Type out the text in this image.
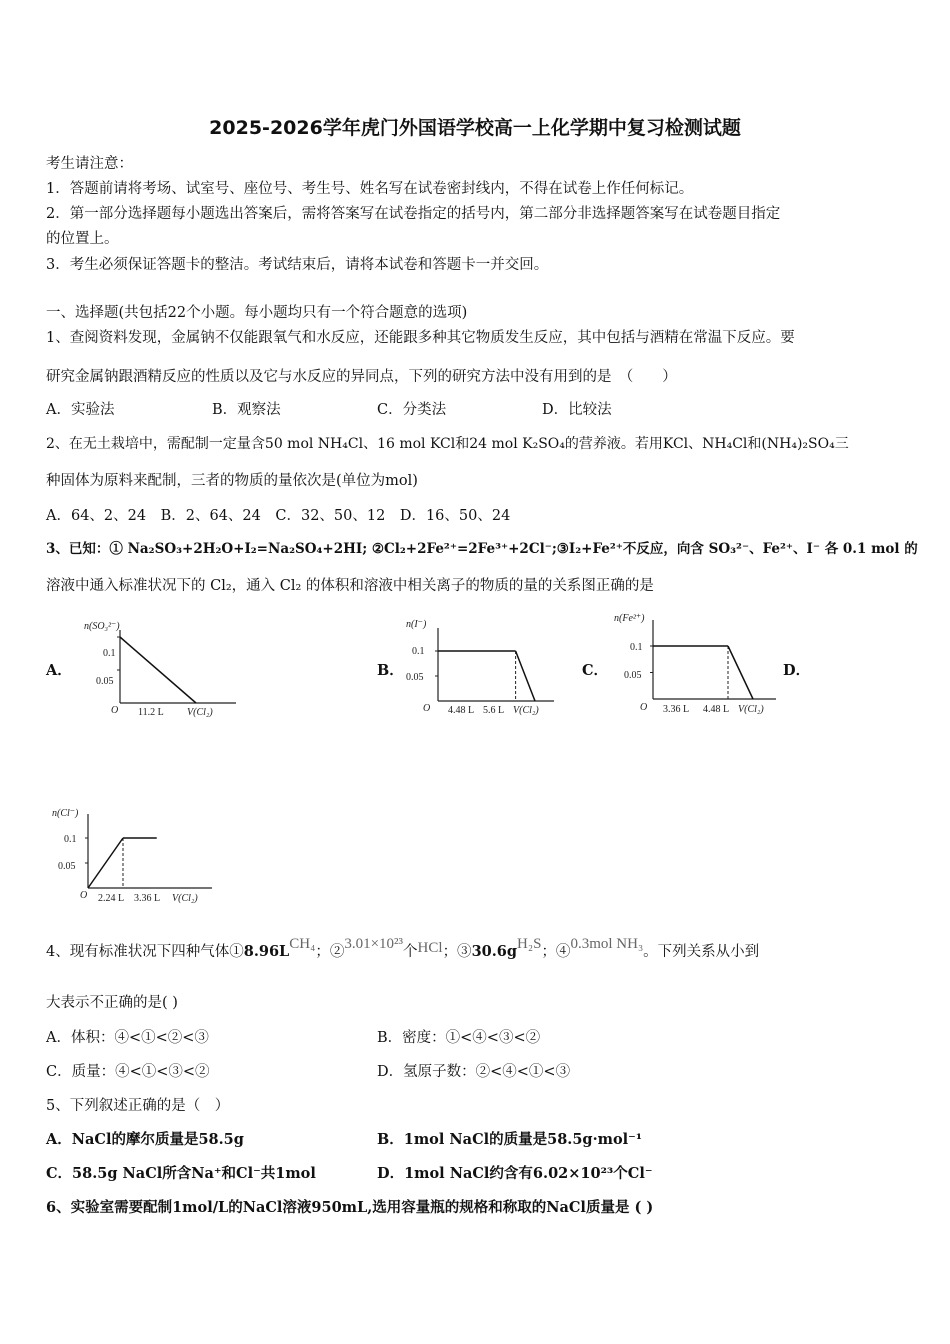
2025-2026学年虎门外国语学校高一上化学期中复习检测试题
考生请注意：
1．答题前请将考场、试室号、座位号、考生号、姓名写在试卷密封线内，不得在试卷上作任何标记。
2．第一部分选择题每小题选出答案后，需将答案写在试卷指定的括号内，第二部分非选择题答案写在试卷题目指定
的位置上。
3．考生必须保证答题卡的整洁。考试结束后，请将本试卷和答题卡一并交回。
一、选择题(共包括22个小题。每小题均只有一个符合题意的选项)
1、查阅资料发现，金属钠不仅能跟氧气和水反应，还能跟多种其它物质发生反应，其中包括与酒精在常温下反应。要
研究金属钠跟酒精反应的性质以及它与水反应的异同点，下列的研究方法中没有用到的是　（　　）
A．实验法	B．观察法	C．分类法	D．比较法
2、在无土栽培中，需配制一定量含50 mol NH₄Cl、16 mol KCl和24 mol K₂SO₄的营养液。若用KCl、NH₄Cl和(NH₄)₂SO₄三
种固体为原料来配制，三者的物质的量依次是(单位为mol)
A．64、2、24　B．2、64、24　C．32、50、12　D．16、50、24
3、已知：① Na₂SO₃+2H₂O+I₂=Na₂SO₄+2HI; ②Cl₂+2Fe²⁺=2Fe³⁺+2Cl⁻;③I₂+Fe²⁺不反应，向含 SO₃²⁻、Fe²⁺、I⁻ 各 0.1 mol 的
溶液中通入标准状况下的 Cl₂，通入 Cl₂ 的体积和溶液中相关离子的物质的量的关系图正确的是
A．	B．	C．	D．
n(SO₃²⁻)
0.1
0.05
O 11.2 L V(Cl₂)
n(I⁻)
0.1
0.05
O 4.48 L 5.6 L V(Cl₂)
n(Fe²⁺)
0.1
0.05
O 3.36 L 4.48 L V(Cl₂)
n(Cl⁻)
0.1
0.05
O 2.24 L 3.36 L V(Cl₂)
4、现有标准状况下四种气体①8.96LCH₄；②3.01×10²³个HCl；③30.6gH₂S；④0.3mol NH₃。下列关系从小到
大表示不正确的是( )
A．体积：④<①<②<③	B．密度：①<④<③<②
C．质量：④<①<③<②	D．氢原子数：②<④<①<③
5、下列叙述正确的是（　）
A．NaCl的摩尔质量是58.5g	B．1mol NaCl的质量是58.5g·mol⁻¹
C．58.5g NaCl所含Na⁺和Cl⁻共1mol	D．1mol NaCl约含有6.02×10²³个Cl⁻
6、实验室需要配制1mol/L的NaCl溶液950mL,选用容量瓶的规格和称取的NaCl质量是 ( )
